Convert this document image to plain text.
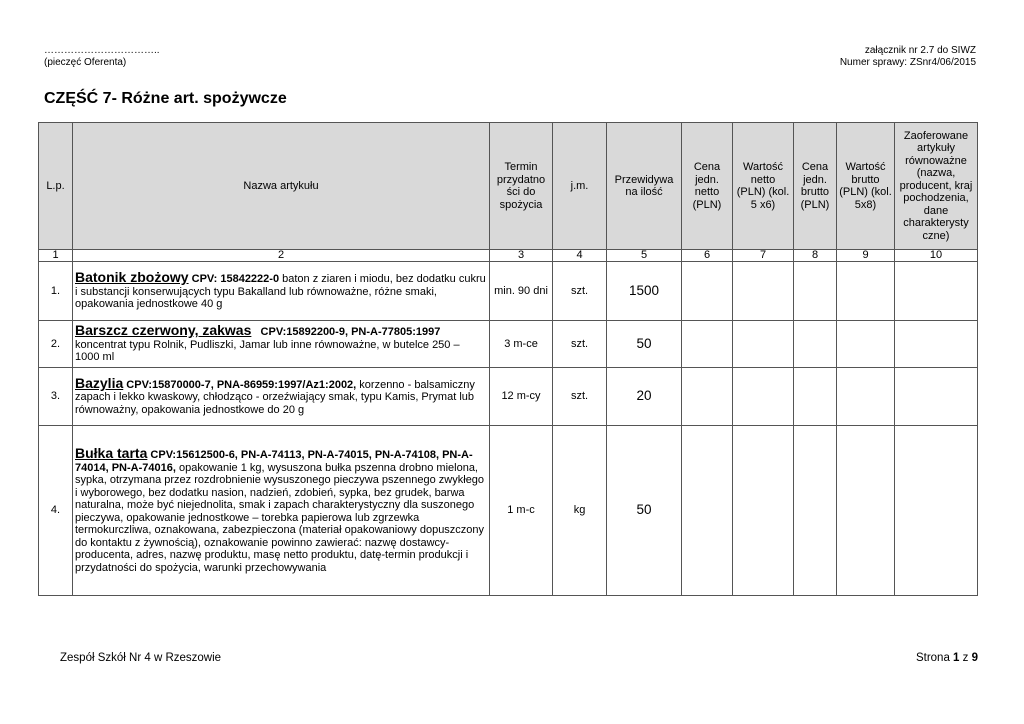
……………………………..
(pieczęć Oferenta)
załącznik nr 2.7 do SIWZ
Numer sprawy: ZSnr4/06/2015
CZĘŚĆ 7- Różne art. spożywcze
L.p.	Nazwa artykułu	Termin przydatno ści do spożycia	j.m.	Przewidywa na ilość	Cena jedn. netto (PLN)	Wartość netto (PLN) (kol. 5 x6)	Cena jedn. brutto (PLN)	Wartość brutto (PLN) (kol. 5x8)	Zaoferowane artykuły równoważne (nazwa, producent, kraj pochodzenia, dane charakterysty czne)
1	2	3	4	5	6	7	8	9	10
1.	Batonik zbożowy CPV: 15842222-0 baton z ziaren i miodu, bez dodatku cukru i substancji konserwujących typu Bakalland lub równoważne, różne smaki, opakowania jednostkowe 40 g	min. 90 dni	szt.	1500					
2.	Barszcz czerwony, zakwas   CPV:15892200-9, PN-A-77805:1997 koncentrat typu Rolnik, Pudliszki, Jamar lub inne równoważne, w butelce 250 – 1000 ml	3 m-ce	szt.	50					
3.	Bazylia CPV:15870000-7, PNA-86959:1997/Az1:2002, korzenno - balsamiczny zapach i lekko kwaskowy, chłodząco - orzeźwiający smak, typu Kamis, Prymat lub równoważny, opakowania jednostkowe do 20 g	12 m-cy	szt.	20					
4.	Bułka tarta CPV:15612500-6, PN-A-74113, PN-A-74015, PN-A-74108, PN-A-74014, PN-A-74016, opakowanie 1 kg, wysuszona bułka pszenna drobno mielona, sypka, otrzymana przez rozdrobnienie wysuszonego pieczywa pszennego zwykłego i wyborowego, bez dodatku nasion, nadzień, zdobień, sypka, bez grudek, barwa naturalna, może być niejednolita, smak i zapach charakterystyczny dla suszonego pieczywa, opakowanie jednostkowe – torebka papierowa lub zgrzewka termokurczliwa, oznakowana, zabezpieczona (materiał opakowaniowy dopuszczony do kontaktu z żywnością), oznakowanie powinno zawierać: nazwę dostawcy-producenta, adres, nazwę produktu, masę netto produktu, datę-termin produkcji i przydatności do spożycia, warunki przechowywania	1 m-c	kg	50					
Zespół Szkół Nr 4 w Rzeszowie	Strona 1 z 9
